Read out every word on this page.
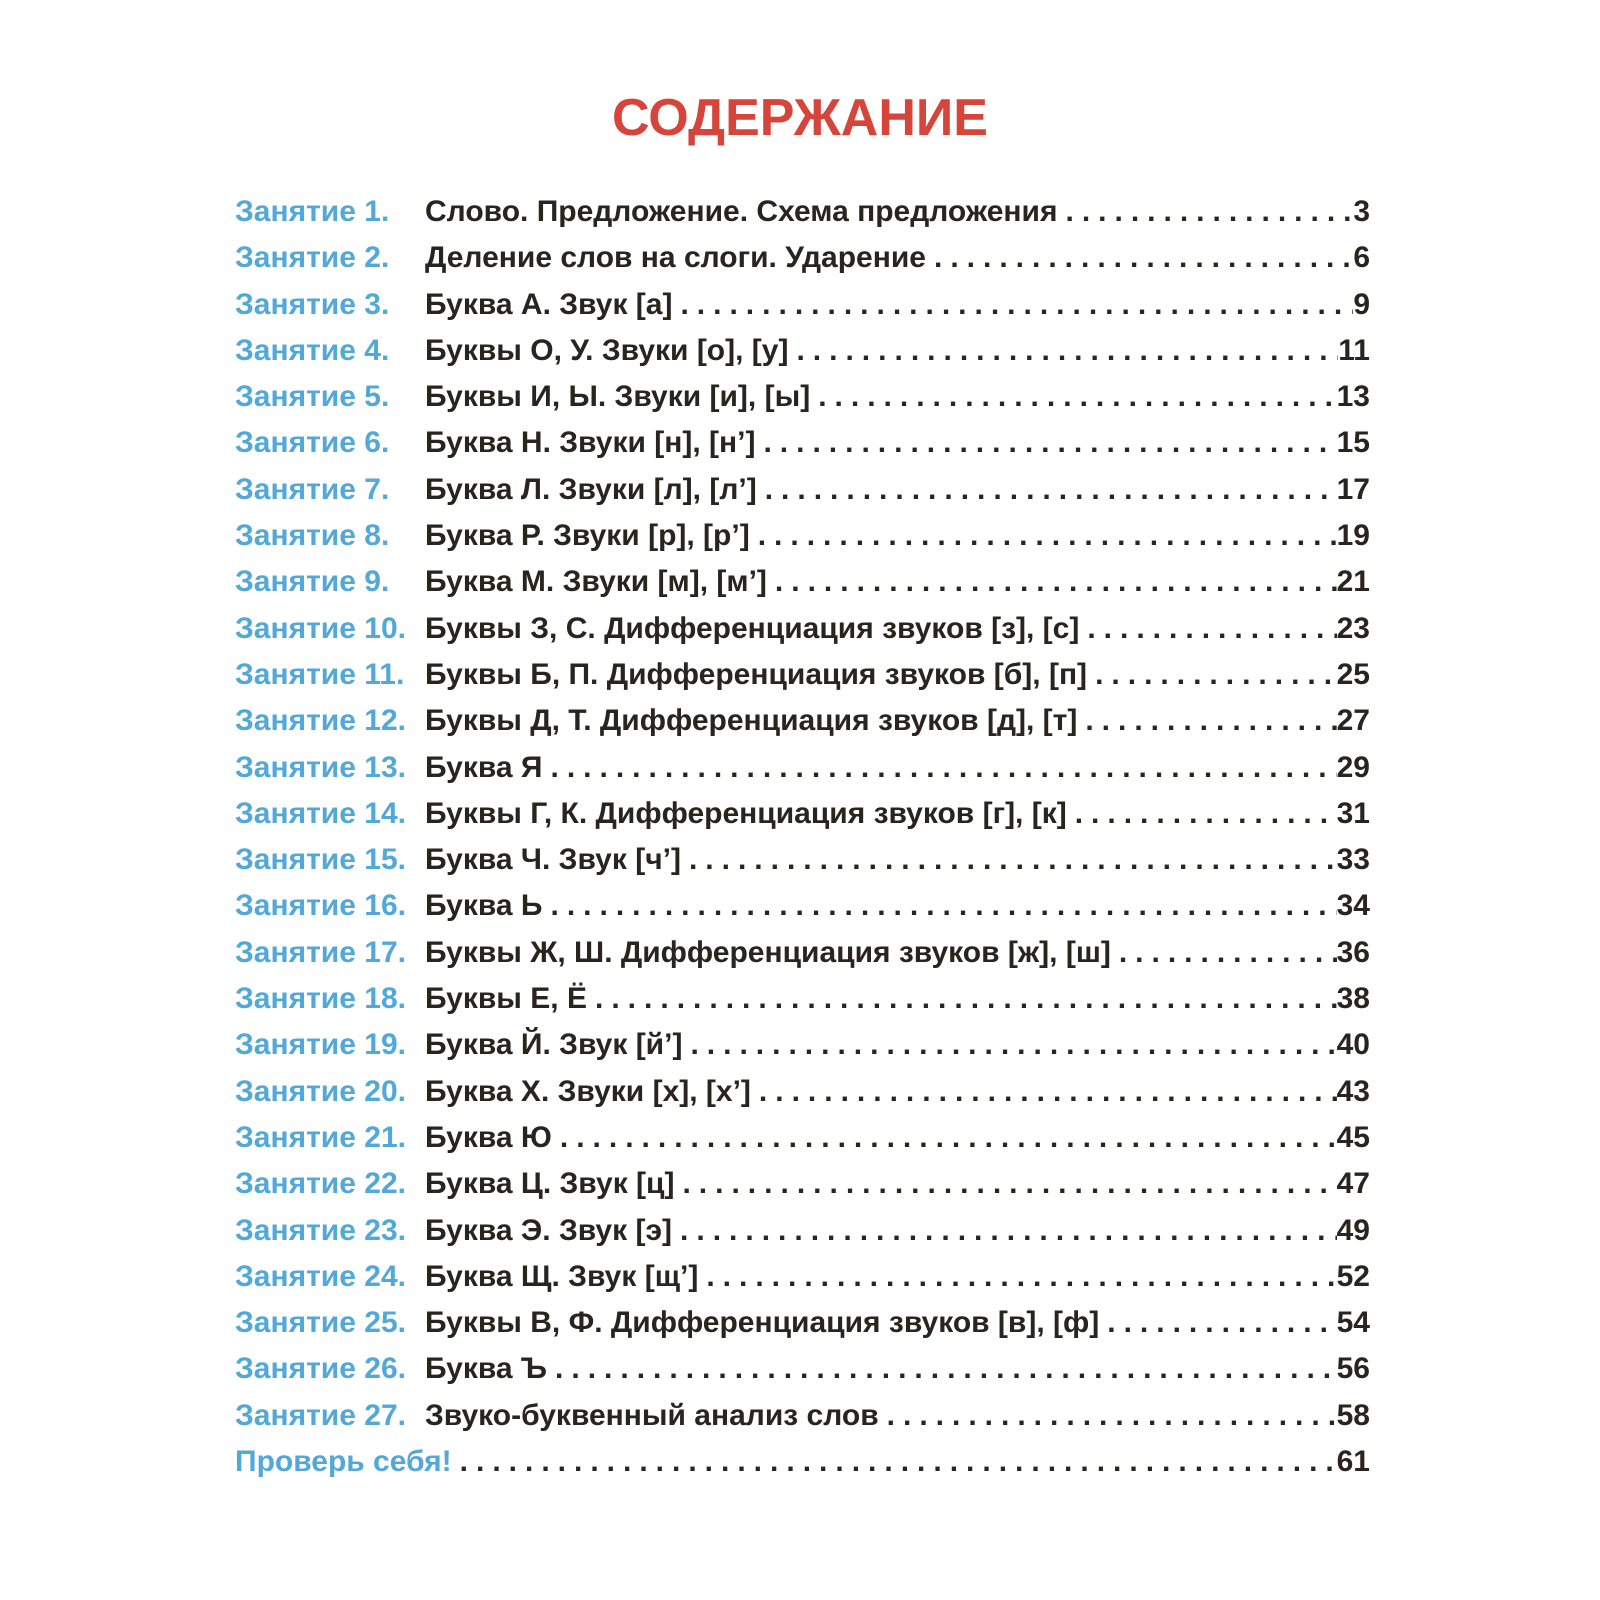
СОДЕРЖАНИЕ
Занятие 1.	Слово. Предложение. Схема предложения .....	3
Занятие 2.	Деление слов на слоги. Ударение .....	6
Занятие 3.	Буква А. Звук [а] .....	9
Занятие 4.	Буквы О, У. Звуки [о], [у] .....	11
Занятие 5.	Буквы И, Ы. Звуки [и], [ы] .....	13
Занятие 6.	Буква Н. Звуки [н], [н’] .....	15
Занятие 7.	Буква Л. Звуки [л], [л’] .....	17
Занятие 8.	Буква Р. Звуки [р], [р’] .....	19
Занятие 9.	Буква М. Звуки [м], [м’] .....	21
Занятие 10. Буквы З, С. Дифференциация звуков [з], [с] .....	23
Занятие 11. Буквы Б, П. Дифференциация звуков [б], [п] .....	25
Занятие 12. Буквы Д, Т. Дифференциация звуков [д], [т] .....	27
Занятие 13. Буква Я .....	29
Занятие 14. Буквы Г, К. Дифференциация звуков [г], [к] .....	31
Занятие 15. Буква Ч. Звук [ч’] .....	33
Занятие 16. Буква Ь .....	34
Занятие 17. Буквы Ж, Ш. Дифференциация звуков [ж], [ш] .....	36
Занятие 18. Буквы Е, Ё .....	38
Занятие 19. Буква Й. Звук [й’] .....	40
Занятие 20. Буква Х. Звуки [х], [х’] .....	43
Занятие 21. Буква Ю .....	45
Занятие 22. Буква Ц. Звук [ц] .....	47
Занятие 23. Буква Э. Звук [э] .....	49
Занятие 24. Буква Щ. Звук [щ’] .....	52
Занятие 25. Буквы В, Ф. Дифференциация звуков [в], [ф] .....	54
Занятие 26. Буква Ъ .....	56
Занятие 27. Звуко-буквенный анализ слов .....	58
Проверь себя! .....	61
